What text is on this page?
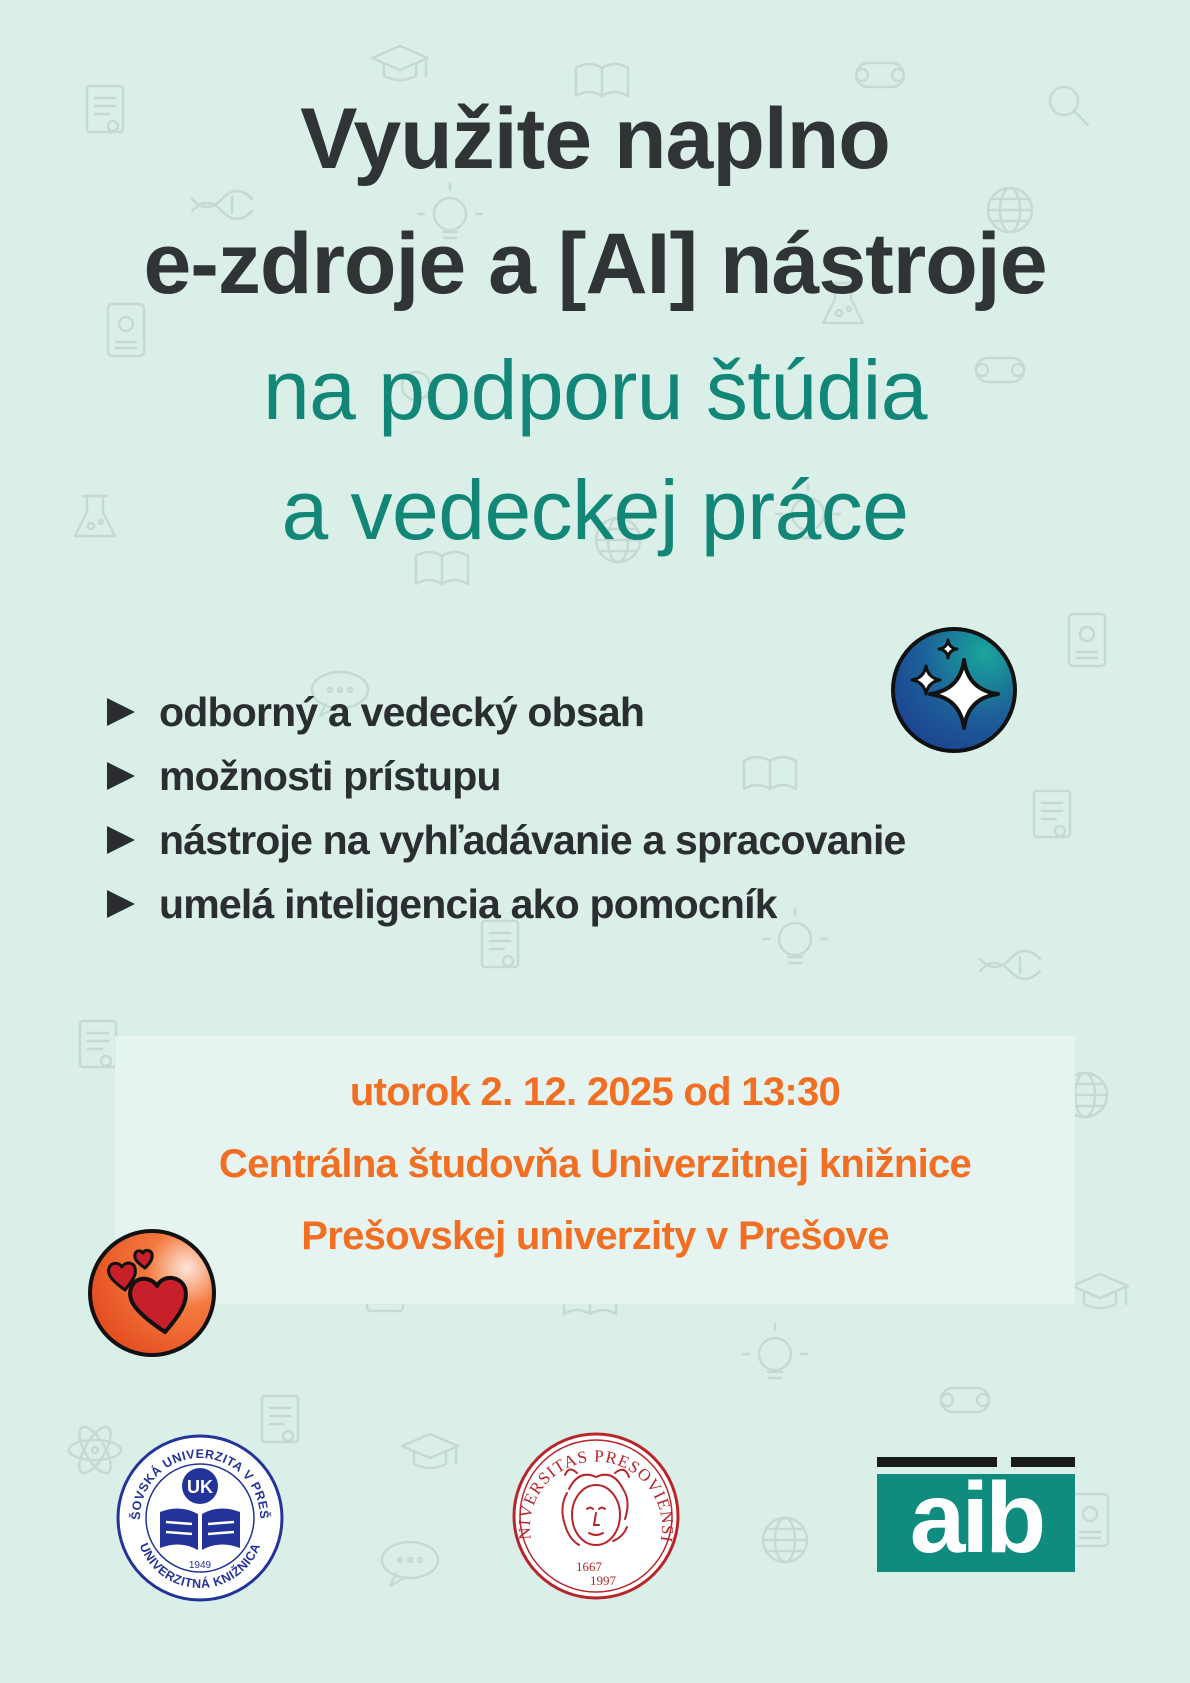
Využite naplno
e-zdroje a [AI] nástroje
na podporu štúdia
a vedeckej práce
odborný a vedecký obsah
možnosti prístupu
nástroje na vyhľadávanie a spracovanie
umelá inteligencia ako pomocník
utorok 2. 12. 2025 od 13:30
Centrálna študovňa Univerzitnej knižnice
Prešovskej univerzity v Prešove
ŠOVSKÁ UNIVERZITA V PREŠ
UNIVERZITNÁ KNIŽNICA
UK
1949
NIVERSITAS PRESOVIENSI
1667
1997
aib
